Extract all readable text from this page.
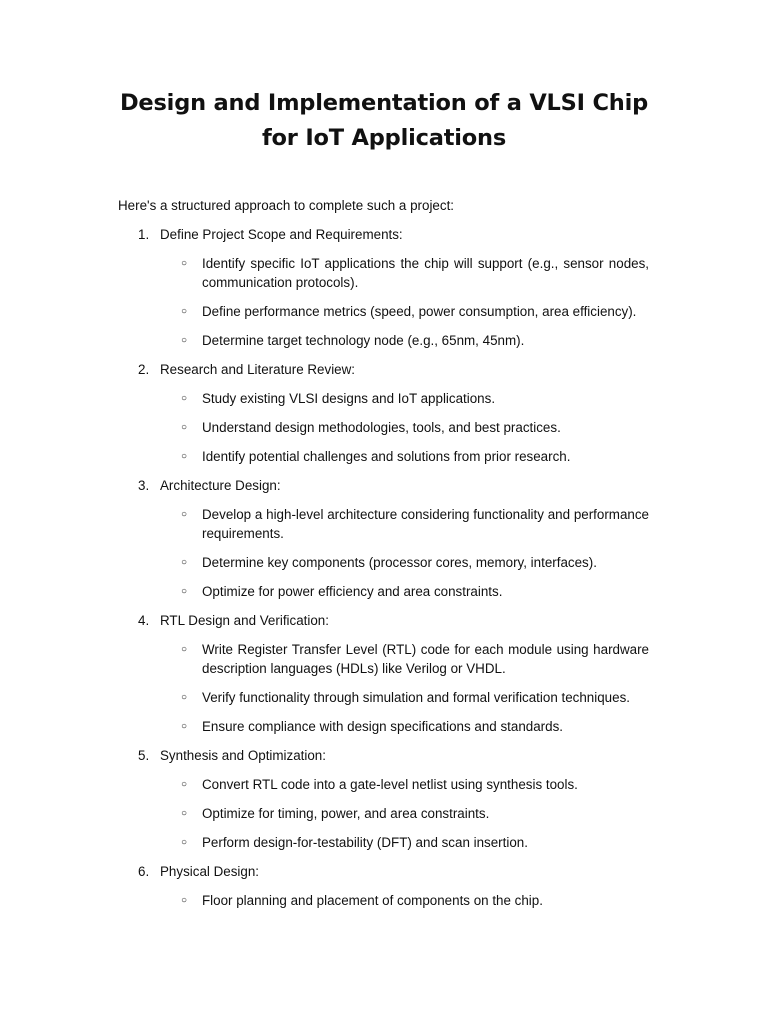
Design and Implementation of a VLSI Chip for IoT Applications

Here's a structured approach to complete such a project:

1. Define Project Scope and Requirements:
○ Identify specific IoT applications the chip will support (e.g., sensor nodes, communication protocols).
○ Define performance metrics (speed, power consumption, area efficiency).
○ Determine target technology node (e.g., 65nm, 45nm).
2. Research and Literature Review:
○ Study existing VLSI designs and IoT applications.
○ Understand design methodologies, tools, and best practices.
○ Identify potential challenges and solutions from prior research.
3. Architecture Design:
○ Develop a high-level architecture considering functionality and performance requirements.
○ Determine key components (processor cores, memory, interfaces).
○ Optimize for power efficiency and area constraints.
4. RTL Design and Verification:
○ Write Register Transfer Level (RTL) code for each module using hardware description languages (HDLs) like Verilog or VHDL.
○ Verify functionality through simulation and formal verification techniques.
○ Ensure compliance with design specifications and standards.
5. Synthesis and Optimization:
○ Convert RTL code into a gate-level netlist using synthesis tools.
○ Optimize for timing, power, and area constraints.
○ Perform design-for-testability (DFT) and scan insertion.
6. Physical Design:
○ Floor planning and placement of components on the chip.
